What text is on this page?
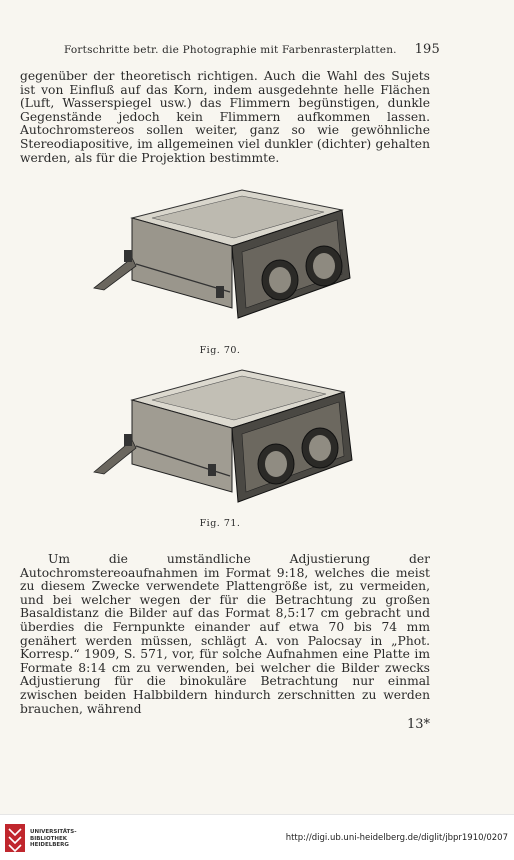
Fortschritte betr. die Photographie mit Farbenrasterplatten. 195

gegenüber der theoretisch richtigen. Auch die Wahl des Sujets ist von Einfluß auf das Korn, indem ausgedehnte helle Flächen (Luft, Wasserspiegel usw.) das Flimmern begünstigen, dunkle Gegenstände jedoch kein Flimmern aufkommen lassen. Autochromstereos sollen weiter, ganz so wie gewöhnliche Stereodiapositive, im allgemeinen viel dunkler (dichter) gehalten werden, als für die Projektion bestimmte.

Fig. 70.
Fig. 71.

Um die umständliche Adjustierung der Autochromstereoaufnahmen im Format 9:18, welches die meist zu diesem Zwecke verwendete Plattengröße ist, zu vermeiden, und bei welcher wegen der für die Betrachtung zu großen Basaldistanz die Bilder auf das Format 8,5:17 cm gebracht und überdies die Fernpunkte einander auf etwa 70 bis 74 mm genähert werden müssen, schlägt A. von Palocsay in „Phot. Korresp.“ 1909, S. 571, vor, für solche Aufnahmen eine Platte im Formate 8:14 cm zu verwenden, bei welcher die Bilder zwecks Adjustierung für die binokuläre Betrachtung nur einmal zwischen beiden Halbbildern hindurch zerschnitten zu werden brauchen, während

13*
UNIVERSITÄTS-
BIBLIOTHEK
HEIDELBERG
http://digi.ub.uni-heidelberg.de/diglit/jbpr1910/0207
